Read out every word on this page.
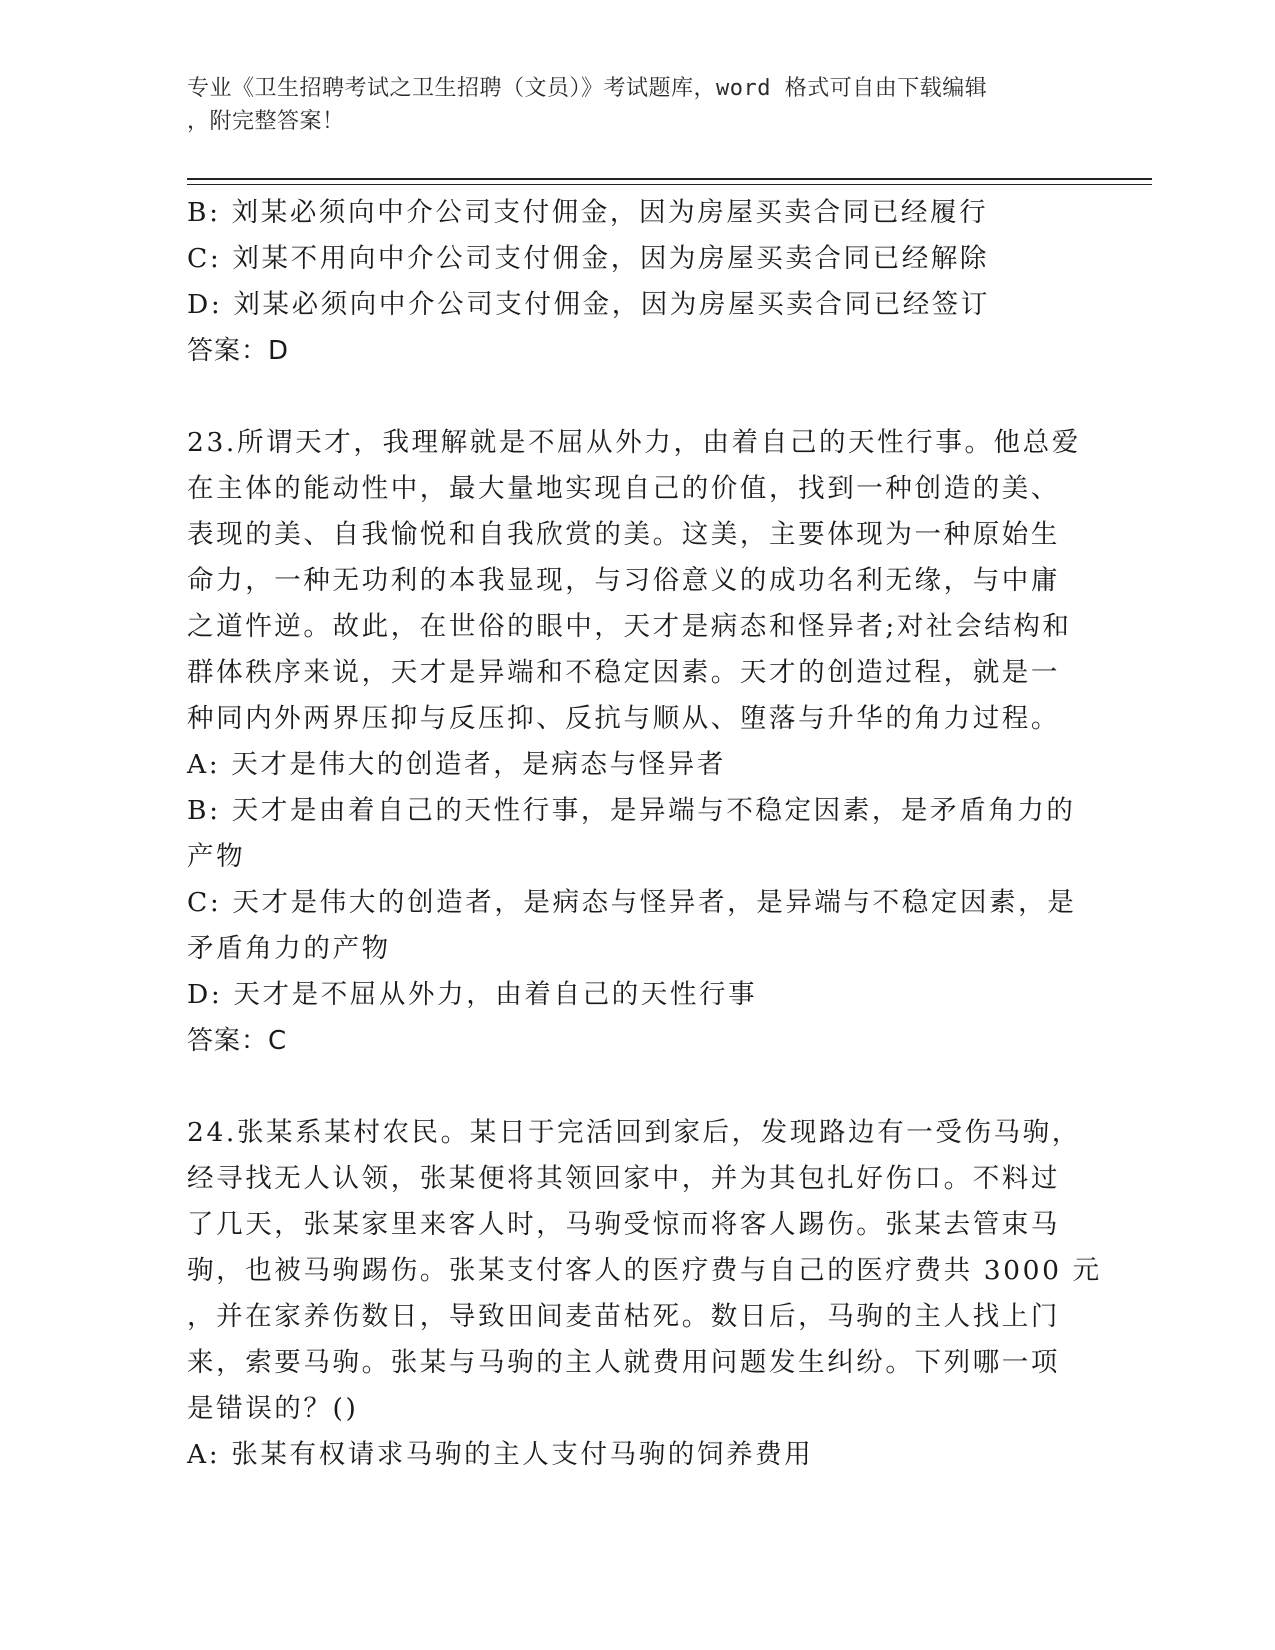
专业《卫生招聘考试之卫生招聘（文员）》考试题库，word 格式可自由下载编辑
，附完整答案！
B: 刘某必须向中介公司支付佣金，因为房屋买卖合同已经履行
C: 刘某不用向中介公司支付佣金，因为房屋买卖合同已经解除
D: 刘某必须向中介公司支付佣金，因为房屋买卖合同已经签订
答案：D
23.所谓天才，我理解就是不屈从外力，由着自己的天性行事。他总爱
在主体的能动性中，最大量地实现自己的价值，找到一种创造的美、
表现的美、自我愉悦和自我欣赏的美。这美，主要体现为一种原始生
命力，一种无功利的本我显现，与习俗意义的成功名利无缘，与中庸
之道忤逆。故此，在世俗的眼中，天才是病态和怪异者;对社会结构和
群体秩序来说，天才是异端和不稳定因素。天才的创造过程，就是一
种同内外两界压抑与反压抑、反抗与顺从、堕落与升华的角力过程。
A: 天才是伟大的创造者，是病态与怪异者
B: 天才是由着自己的天性行事，是异端与不稳定因素，是矛盾角力的
产物
C: 天才是伟大的创造者，是病态与怪异者，是异端与不稳定因素，是
矛盾角力的产物
D: 天才是不屈从外力，由着自己的天性行事
答案：C
24.张某系某村农民。某日于完活回到家后，发现路边有一受伤马驹，
经寻找无人认领，张某便将其领回家中，并为其包扎好伤口。不料过
了几天，张某家里来客人时，马驹受惊而将客人踢伤。张某去管束马
驹，也被马驹踢伤。张某支付客人的医疗费与自己的医疗费共 3000 元
，并在家养伤数日，导致田间麦苗枯死。数日后，马驹的主人找上门
来，索要马驹。张某与马驹的主人就费用问题发生纠纷。下列哪一项
是错误的？()
A: 张某有权请求马驹的主人支付马驹的饲养费用
